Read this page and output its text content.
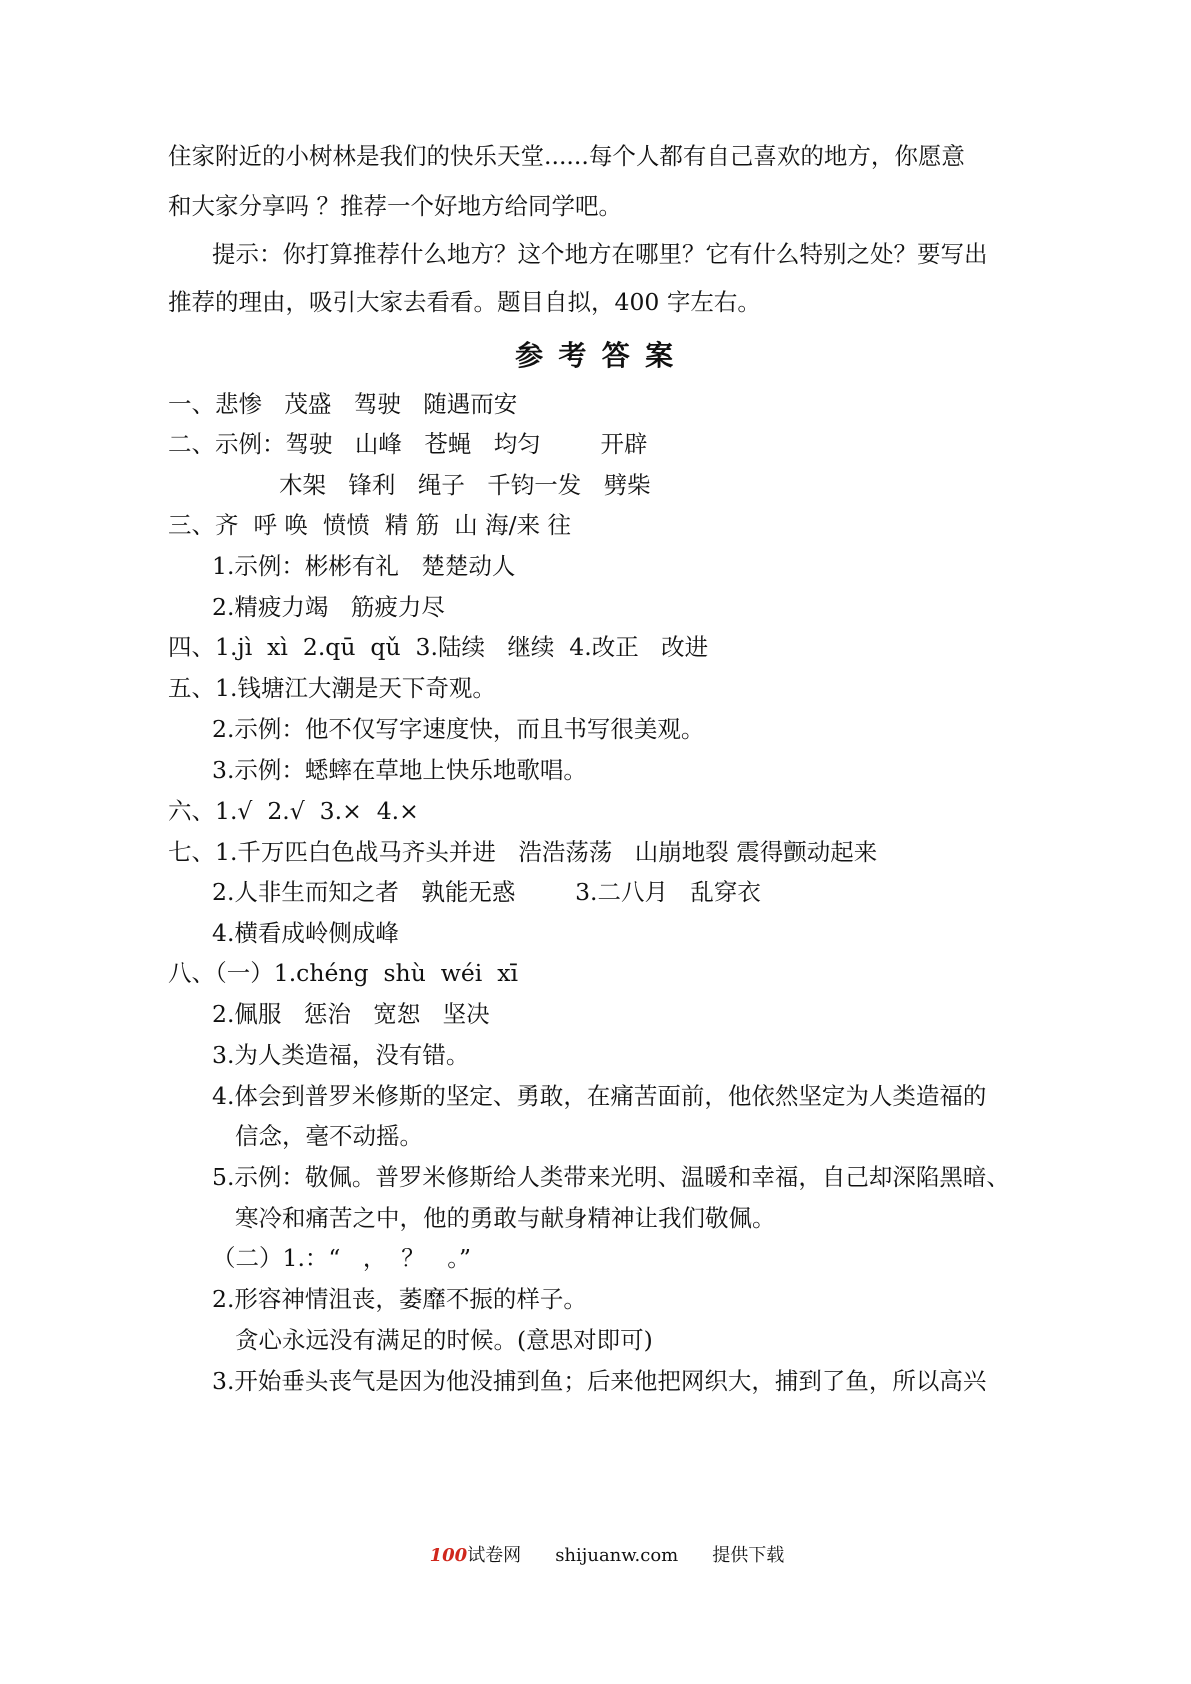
住家附近的小树林是我们的快乐天堂......每个人都有自己喜欢的地方，你愿意
和大家分享吗 ？推荐一个好地方给同学吧。
提示：你打算推荐什么地方？这个地方在哪里？它有什么特别之处？要写出
推荐的理由，吸引大家去看看。题目自拟，400 字左右。
参 考 答 案
一、悲惨   茂盛   驾驶   随遇而安
二、示例：驾驶   山峰   苍蝇   均匀        开辟
木架   锋利   绳子   千钧一发   劈柴
三、齐  呼 唤  愤愤  精 筋  山 海/来 往
1.示例：彬彬有礼   楚楚动人
2.精疲力竭   筋疲力尽
四、1.jì  xì  2.qū  qǔ  3.陆续   继续  4.改正   改进
五、1.钱塘江大潮是天下奇观。
2.示例：他不仅写字速度快，而且书写很美观。
3.示例：蟋蟀在草地上快乐地歌唱。
六、1.√  2.√  3.×  4.×
七、1.千万匹白色战马齐头并进   浩浩荡荡   山崩地裂 震得颤动起来
2.人非生而知之者   孰能无惑        3.二八月   乱穿衣
4.横看成岭侧成峰
八、（一）1.chéng  shù  wéi  xī
2.佩服   惩治   宽恕   坚决
3.为人类造福，没有错。
4.体会到普罗米修斯的坚定、勇敢，在痛苦面前，他依然坚定为人类造福的
信念，毫不动摇。
5.示例：敬佩。普罗米修斯给人类带来光明、温暖和幸福，自己却深陷黑暗、
寒冷和痛苦之中，他的勇敢与献身精神让我们敬佩。
（二）1.：“   ，  ？   。”
2.形容神情沮丧，萎靡不振的样子。
贪心永远没有满足的时候。(意思对即可)
3.开始垂头丧气是因为他没捕到鱼；后来他把网织大，捕到了鱼，所以高兴

100试卷网 shijuanw.com 提供下载
